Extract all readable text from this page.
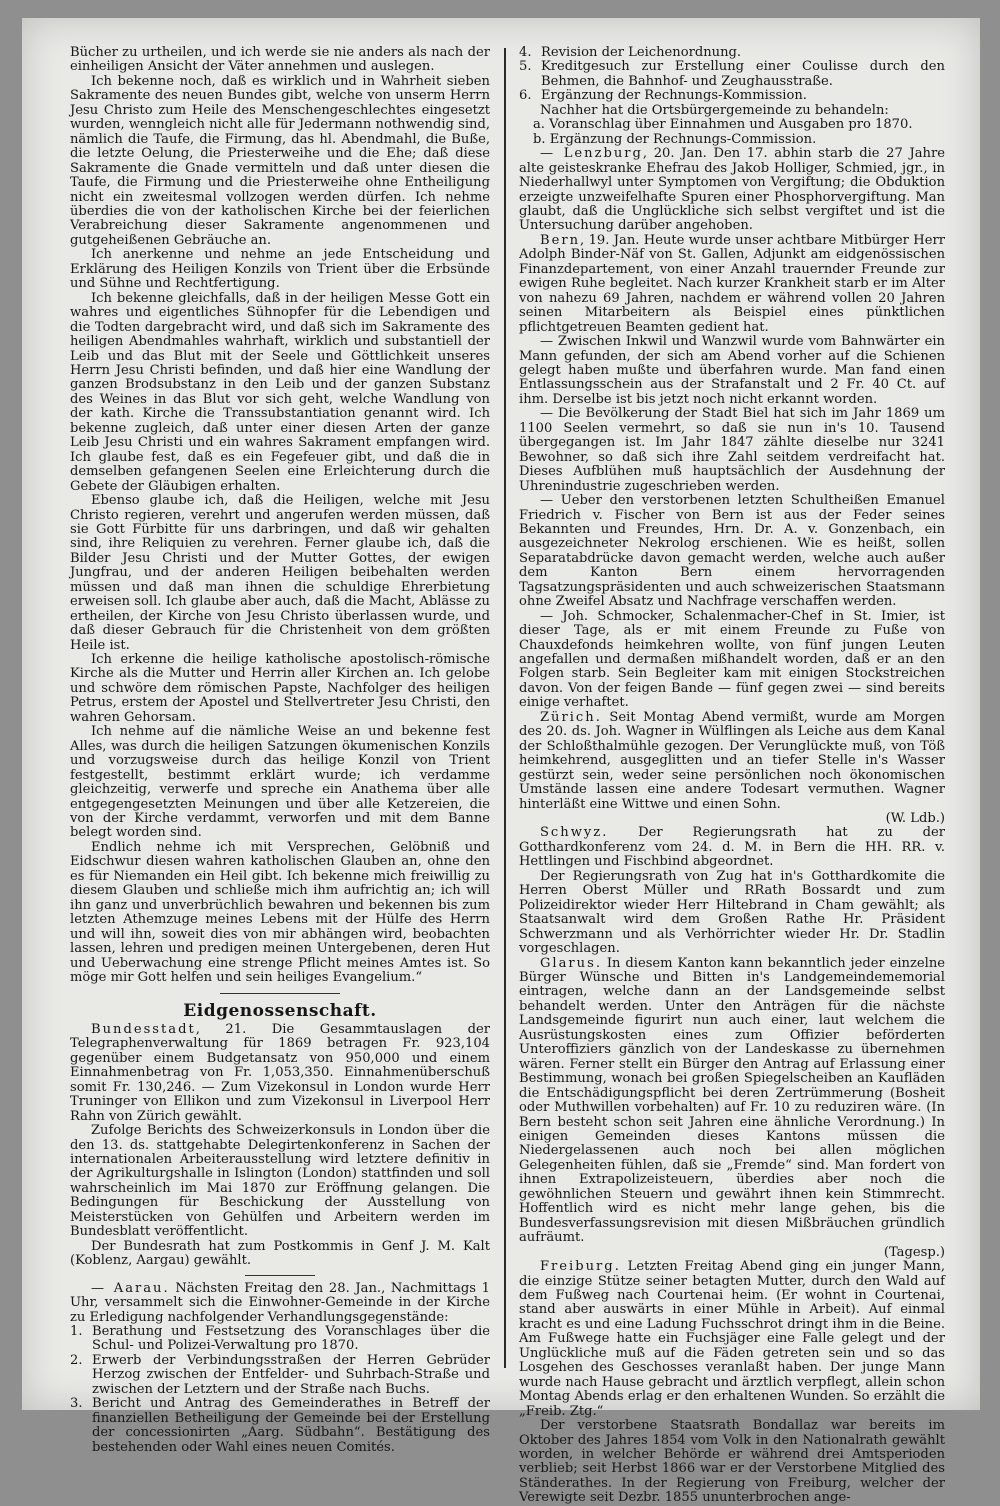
Bücher zu urtheilen, und ich werde sie nie anders als nach der einheiligen Ansicht der Väter annehmen und auslegen.

Ich bekenne noch, daß es wirklich und in Wahrheit sieben Sakramente des neuen Bundes gibt, welche von unserm Herrn Jesu Christo zum Heile des Menschengeschlechtes eingesetzt wurden, wenngleich nicht alle für Jedermann nothwendig sind, nämlich die Taufe, die Firmung, das hl. Abendmahl, die Buße, die letzte Oelung, die Priesterweihe und die Ehe; daß diese Sakramente die Gnade vermitteln und daß unter diesen die Taufe, die Firmung und die Priesterweihe ohne Entheiligung nicht ein zweitesmal vollzogen werden dürfen. Ich nehme überdies die von der katholischen Kirche bei der feierlichen Verabreichung dieser Sakramente angenommenen und gutgeheißenen Gebräuche an.

Ich anerkenne und nehme an jede Entscheidung und Erklärung des Heiligen Konzils von Trient über die Erbsünde und Sühne und Rechtfertigung.

Ich bekenne gleichfalls, daß in der heiligen Messe Gott ein wahres und eigentliches Sühnopfer für die Lebendigen und die Todten dargebracht wird, und daß sich im Sakramente des heiligen Abendmahles wahrhaft, wirklich und substantiell der Leib und das Blut mit der Seele und Göttlichkeit unseres Herrn Jesu Christi befinden, und daß hier eine Wandlung der ganzen Brodsubstanz in den Leib und der ganzen Substanz des Weines in das Blut vor sich geht, welche Wandlung von der kath. Kirche die Transsubstantiation genannt wird. Ich bekenne zugleich, daß unter einer diesen Arten der ganze Leib Jesu Christi und ein wahres Sakrament empfangen wird. Ich glaube fest, daß es ein Fegefeuer gibt, und daß die in demselben gefangenen Seelen eine Erleichterung durch die Gebete der Gläubigen erhalten.

Ebenso glaube ich, daß die Heiligen, welche mit Jesu Christo regieren, verehrt und angerufen werden müssen, daß sie Gott Fürbitte für uns darbringen, und daß wir gehalten sind, ihre Reliquien zu verehren. Ferner glaube ich, daß die Bilder Jesu Christi und der Mutter Gottes, der ewigen Jungfrau, und der anderen Heiligen beibehalten werden müssen und daß man ihnen die schuldige Ehrerbietung erweisen soll. Ich glaube aber auch, daß die Macht, Ablässe zu ertheilen, der Kirche von Jesu Christo überlassen wurde, und daß dieser Gebrauch für die Christenheit von dem größten Heile ist.

Ich erkenne die heilige katholische apostolisch-römische Kirche als die Mutter und Herrin aller Kirchen an. Ich gelobe und schwöre dem römischen Papste, Nachfolger des heiligen Petrus, erstem der Apostel und Stellvertreter Jesu Christi, den wahren Gehorsam.

Ich nehme auf die nämliche Weise an und bekenne fest Alles, was durch die heiligen Satzungen ökumenischen Konzils und vorzugsweise durch das heilige Konzil von Trient festgestellt, bestimmt erklärt wurde; ich verdamme gleichzeitig, verwerfe und spreche ein Anathema über alle entgegengesetzten Meinungen und über alle Ketzereien, die von der Kirche verdammt, verworfen und mit dem Banne belegt worden sind.

Endlich nehme ich mit Versprechen, Gelöbniß und Eidschwur diesen wahren katholischen Glauben an, ohne den es für Niemanden ein Heil gibt. Ich bekenne mich freiwillig zu diesem Glauben und schließe mich ihm aufrichtig an; ich will ihn ganz und unverbrüchlich bewahren und bekennen bis zum letzten Athemzuge meines Lebens mit der Hülfe des Herrn und will ihn, soweit dies von mir abhängen wird, beobachten lassen, lehren und predigen meinen Untergebenen, deren Hut und Ueberwachung eine strenge Pflicht meines Amtes ist. So möge mir Gott helfen und sein heiliges Evangelium.“

Eidgenossenschaft.

Bundesstadt, 21. Die Gesammtauslagen der Telegraphenverwaltung für 1869 betragen Fr. 923,104 gegenüber einem Budgetansatz von 950,000 und einem Einnahmenbetrag von Fr. 1,053,350. Einnahmenüberschuß somit Fr. 130,246. — Zum Vizekonsul in London wurde Herr Truninger von Ellikon und zum Vizekonsul in Liverpool Herr Rahn von Zürich gewählt.

Zufolge Berichts des Schweizerkonsuls in London über die den 13. ds. stattgehabte Delegirtenkonferenz in Sachen der internationalen Arbeiterausstellung wird letztere definitiv in der Agrikulturgshalle in Islington (London) stattfinden und soll wahrscheinlich im Mai 1870 zur Eröffnung gelangen. Die Bedingungen für Beschickung der Ausstellung von Meisterstücken von Gehülfen und Arbeitern werden im Bundesblatt veröffentlicht.

Der Bundesrath hat zum Postkommis in Genf J. M. Kalt (Koblenz, Aargau) gewählt.

— Aarau. Nächsten Freitag den 28. Jan., Nachmittags 1 Uhr, versammelt sich die Einwohner-Gemeinde in der Kirche zu Erledigung nachfolgender Verhandlungsgegenstände:

1. Berathung und Festsetzung des Voranschlages über die Schul- und Polizei-Verwaltung pro 1870.
2. Erwerb der Verbindungsstraßen der Herren Gebrüder Herzog zwischen der Entfelder- und Suhrbach-Straße und zwischen der Letztern und der Straße nach Buchs.
3. Bericht und Antrag des Gemeinderathes in Betreff der finanziellen Betheiligung der Gemeinde bei der Erstellung der concessionirten „Aarg. Südbahn“. Bestätigung des bestehenden oder Wahl eines neuen Comités.
4. Revision der Leichenordnung.
5. Kreditgesuch zur Erstellung einer Coulisse durch den Behmen, die Bahnhof- und Zeughausstraße.
6. Ergänzung der Rechnungs-Kommission.

Nachher hat die Ortsbürgergemeinde zu behandeln:

a. Voranschlag über Einnahmen und Ausgaben pro 1870.
b. Ergänzung der Rechnungs-Commission.

— Lenzburg, 20. Jan. Den 17. abhin starb die 27 Jahre alte geisteskranke Ehefrau des Jakob Holliger, Schmied, jgr., in Niederhallwyl unter Symptomen von Vergiftung; die Obduktion erzeigte unzweifelhafte Spuren einer Phosphorvergiftung. Man glaubt, daß die Unglückliche sich selbst vergiftet und ist die Untersuchung darüber angehoben.

Bern, 19. Jan. Heute wurde unser achtbare Mitbürger Herr Adolph Binder-Näf von St. Gallen, Adjunkt am eidgenössischen Finanzdepartement, von einer Anzahl trauernder Freunde zur ewigen Ruhe begleitet. Nach kurzer Krankheit starb er im Alter von nahezu 69 Jahren, nachdem er während vollen 20 Jahren seinen Mitarbeitern als Beispiel eines pünktlichen pflichtgetreuen Beamten gedient hat.

— Zwischen Inkwil und Wanzwil wurde vom Bahnwärter ein Mann gefunden, der sich am Abend vorher auf die Schienen gelegt haben mußte und überfahren wurde. Man fand einen Entlassungsschein aus der Strafanstalt und 2 Fr. 40 Ct. auf ihm. Derselbe ist bis jetzt noch nicht erkannt worden.

— Die Bevölkerung der Stadt Biel hat sich im Jahr 1869 um 1100 Seelen vermehrt, so daß sie nun in's 10. Tausend übergegangen ist. Im Jahr 1847 zählte dieselbe nur 3241 Bewohner, so daß sich ihre Zahl seitdem verdreifacht hat. Dieses Aufblühen muß hauptsächlich der Ausdehnung der Uhrenindustrie zugeschrieben werden.

— Ueber den verstorbenen letzten Schultheißen Emanuel Friedrich v. Fischer von Bern ist aus der Feder seines Bekannten und Freundes, Hrn. Dr. A. v. Gonzenbach, ein ausgezeichneter Nekrolog erschienen. Wie es heißt, sollen Separatabdrücke davon gemacht werden, welche auch außer dem Kanton Bern einem hervorragenden Tagsatzungspräsidenten und auch schweizerischen Staatsmann ohne Zweifel Absatz und Nachfrage verschaffen werden.

— Joh. Schmocker, Schalenmacher-Chef in St. Imier, ist dieser Tage, als er mit einem Freunde zu Fuße von Chauxdefonds heimkehren wollte, von fünf jungen Leuten angefallen und dermaßen mißhandelt worden, daß er an den Folgen starb. Sein Begleiter kam mit einigen Stockstreichen davon. Von der feigen Bande — fünf gegen zwei — sind bereits einige verhaftet.

Zürich. Seit Montag Abend vermißt, wurde am Morgen des 20. ds. Joh. Wagner in Wülflingen als Leiche aus dem Kanal der Schloßthalmühle gezogen. Der Verunglückte muß, von Töß heimkehrend, ausgeglitten und an tiefer Stelle in's Wasser gestürzt sein, weder seine persönlichen noch ökonomischen Umstände lassen eine andere Todesart vermuthen. Wagner hinterläßt eine Wittwe und einen Sohn.

(W. Ldb.)

Schwyz. Der Regierungsrath hat zu der Gotthardkonferenz vom 24. d. M. in Bern die HH. RR. v. Hettlingen und Fischbind abgeordnet.

Der Regierungsrath von Zug hat in's Gotthardkomite die Herren Oberst Müller und RRath Bossardt und zum Polizeidirektor wieder Herr Hiltebrand in Cham gewählt; als Staatsanwalt wird dem Großen Rathe Hr. Präsident Schwerzmann und als Verhörrichter wieder Hr. Dr. Stadlin vorgeschlagen.

Glarus. In diesem Kanton kann bekanntlich jeder einzelne Bürger Wünsche und Bitten in's Landgemeindememorial eintragen, welche dann an der Landsgemeinde selbst behandelt werden. Unter den Anträgen für die nächste Landsgemeinde figurirt nun auch einer, laut welchem die Ausrüstungskosten eines zum Offizier beförderten Unteroffiziers gänzlich von der Landeskasse zu übernehmen wären. Ferner stellt ein Bürger den Antrag auf Erlassung einer Bestimmung, wonach bei großen Spiegelscheiben an Kaufläden die Entschädigungspflicht bei deren Zertrümmerung (Bosheit oder Muthwillen vorbehalten) auf Fr. 10 zu reduziren wäre. (In Bern besteht schon seit Jahren eine ähnliche Verordnung.) In einigen Gemeinden dieses Kantons müssen die Niedergelassenen auch noch bei allen möglichen Gelegenheiten fühlen, daß sie „Fremde“ sind. Man fordert von ihnen Extrapolizeisteuern, überdies aber noch die gewöhnlichen Steuern und gewährt ihnen kein Stimmrecht. Hoffentlich wird es nicht mehr lange gehen, bis die Bundesverfassungsrevision mit diesen Mißbräuchen gründlich aufräumt.

(Tagesp.)

Freiburg. Letzten Freitag Abend ging ein junger Mann, die einzige Stütze seiner betagten Mutter, durch den Wald auf dem Fußweg nach Courtenai heim. (Er wohnt in Courtenai, stand aber auswärts in einer Mühle in Arbeit). Auf einmal kracht es und eine Ladung Fuchsschrot dringt ihm in die Beine. Am Fußwege hatte ein Fuchsjäger eine Falle gelegt und der Unglückliche muß auf die Fäden getreten sein und so das Losgehen des Geschosses veranlaßt haben. Der junge Mann wurde nach Hause gebracht und ärztlich verpflegt, allein schon Montag Abends erlag er den erhaltenen Wunden. So erzählt die „Freib. Ztg.“

Der verstorbene Staatsrath Bondallaz war bereits im Oktober des Jahres 1854 vom Volk in den Nationalrath gewählt worden, in welcher Behörde er während drei Amtsperioden verblieb; seit Herbst 1866 war er der Verstorbene Mitglied des Ständerathes. In der Regierung von Freiburg, welcher der Verewigte seit Dezbr. 1855 ununterbrochen ange-
